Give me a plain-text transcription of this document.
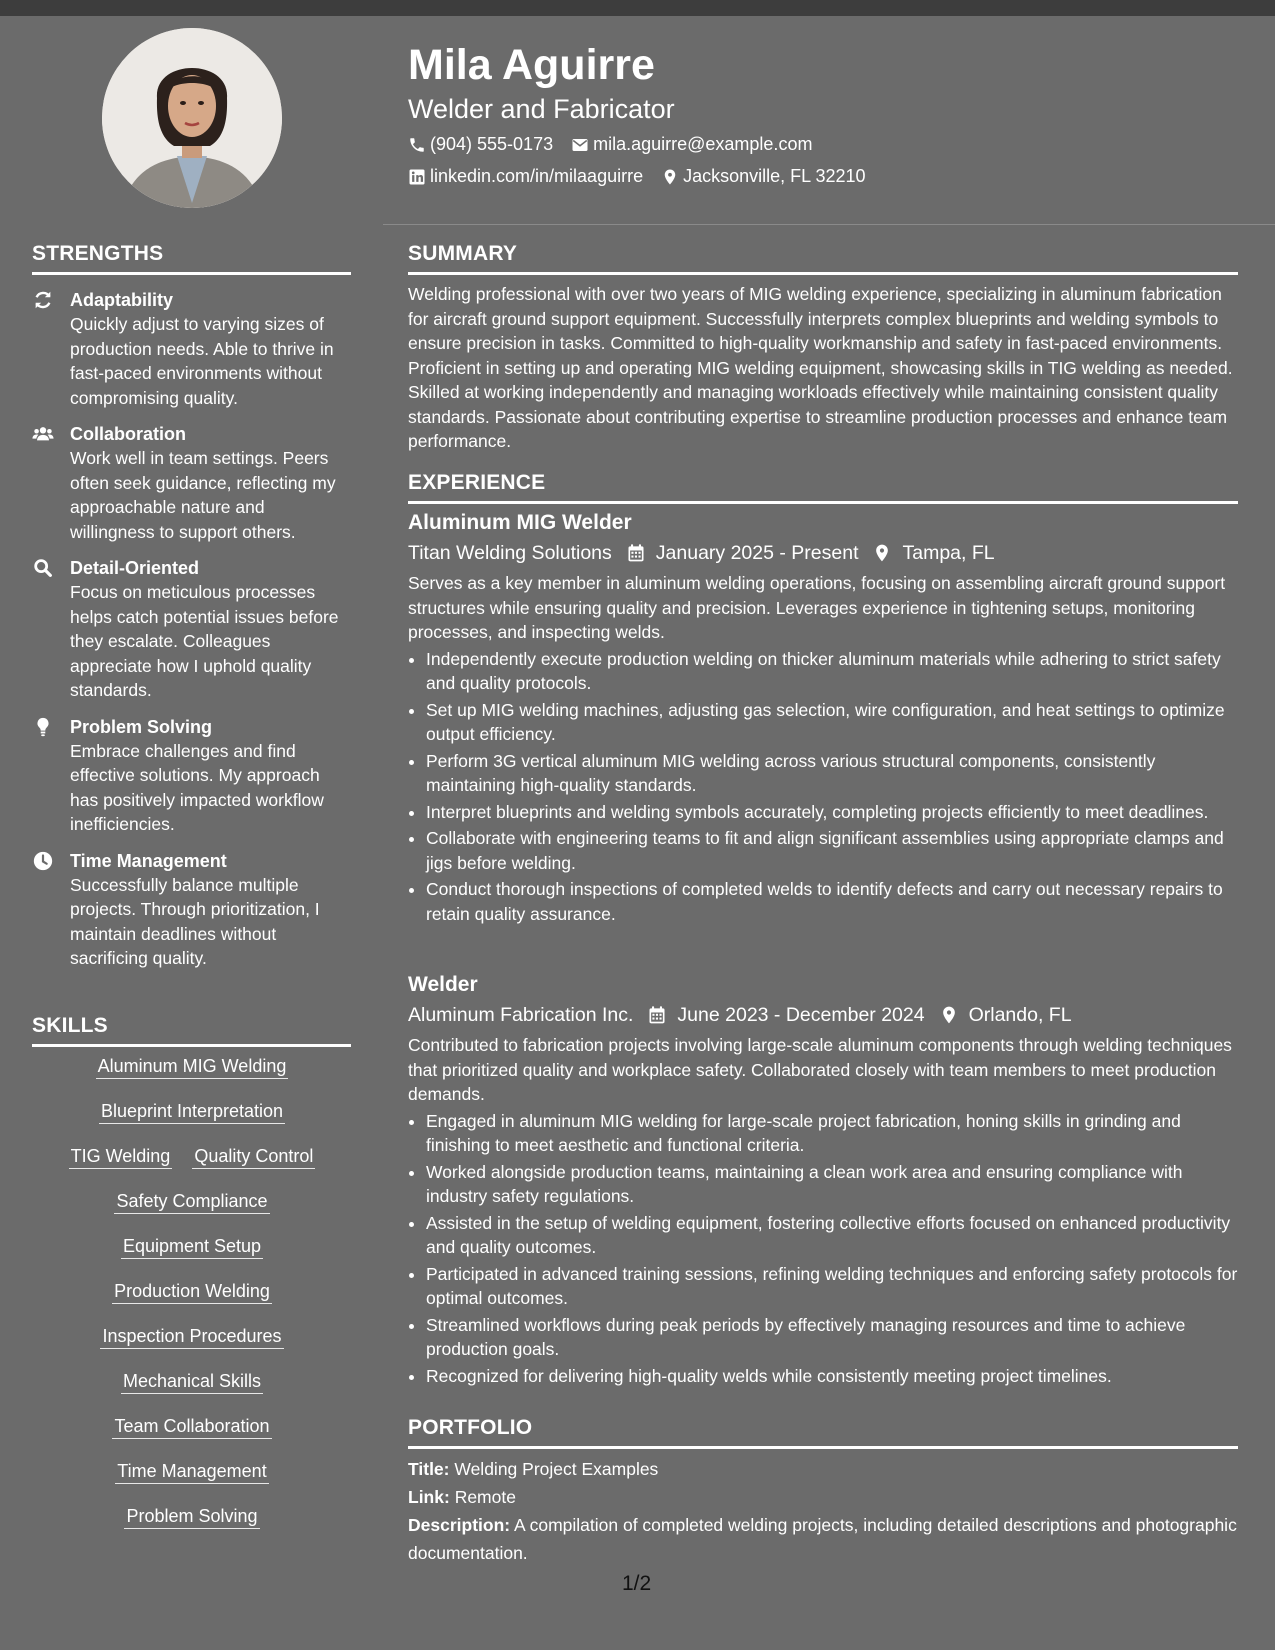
Mila Aguirre
Welder and Fabricator
(904) 555-0173 mila.aguirre@example.com
linkedin.com/in/milaaguirre Jacksonville, FL 32210
STRENGTHS
Adaptability
Quickly adjust to varying sizes of production needs. Able to thrive in fast-paced environments without compromising quality.
Collaboration
Work well in team settings. Peers often seek guidance, reflecting my approachable nature and willingness to support others.
Detail-Oriented
Focus on meticulous processes helps catch potential issues before they escalate. Colleagues appreciate how I uphold quality standards.
Problem Solving
Embrace challenges and find effective solutions. My approach has positively impacted workflow inefficiencies.
Time Management
Successfully balance multiple projects. Through prioritization, I maintain deadlines without sacrificing quality.
SKILLS
Aluminum MIG Welding
Blueprint Interpretation
TIG Welding Quality Control
Safety Compliance
Equipment Setup
Production Welding
Inspection Procedures
Mechanical Skills
Team Collaboration
Time Management
Problem Solving
SUMMARY
Welding professional with over two years of MIG welding experience, specializing in aluminum fabrication for aircraft ground support equipment. Successfully interprets complex blueprints and welding symbols to ensure precision in tasks. Committed to high-quality workmanship and safety in fast-paced environments. Proficient in setting up and operating MIG welding equipment, showcasing skills in TIG welding as needed. Skilled at working independently and managing workloads effectively while maintaining consistent quality standards. Passionate about contributing expertise to streamline production processes and enhance team performance.
EXPERIENCE
Aluminum MIG Welder
Titan Welding Solutions January 2025 - Present Tampa, FL
Serves as a key member in aluminum welding operations, focusing on assembling aircraft ground support structures while ensuring quality and precision. Leverages experience in tightening setups, monitoring processes, and inspecting welds.
• Independently execute production welding on thicker aluminum materials while adhering to strict safety and quality protocols.
• Set up MIG welding machines, adjusting gas selection, wire configuration, and heat settings to optimize output efficiency.
• Perform 3G vertical aluminum MIG welding across various structural components, consistently maintaining high-quality standards.
• Interpret blueprints and welding symbols accurately, completing projects efficiently to meet deadlines.
• Collaborate with engineering teams to fit and align significant assemblies using appropriate clamps and jigs before welding.
• Conduct thorough inspections of completed welds to identify defects and carry out necessary repairs to retain quality assurance.
Welder
Aluminum Fabrication Inc. June 2023 - December 2024 Orlando, FL
Contributed to fabrication projects involving large-scale aluminum components through welding techniques that prioritized quality and workplace safety. Collaborated closely with team members to meet production demands.
• Engaged in aluminum MIG welding for large-scale project fabrication, honing skills in grinding and finishing to meet aesthetic and functional criteria.
• Worked alongside production teams, maintaining a clean work area and ensuring compliance with industry safety regulations.
• Assisted in the setup of welding equipment, fostering collective efforts focused on enhanced productivity and quality outcomes.
• Participated in advanced training sessions, refining welding techniques and enforcing safety protocols for optimal outcomes.
• Streamlined workflows during peak periods by effectively managing resources and time to achieve production goals.
• Recognized for delivering high-quality welds while consistently meeting project timelines.
PORTFOLIO
Title: Welding Project Examples
Link: Remote
Description: A compilation of completed welding projects, including detailed descriptions and photographic documentation.
1/2
